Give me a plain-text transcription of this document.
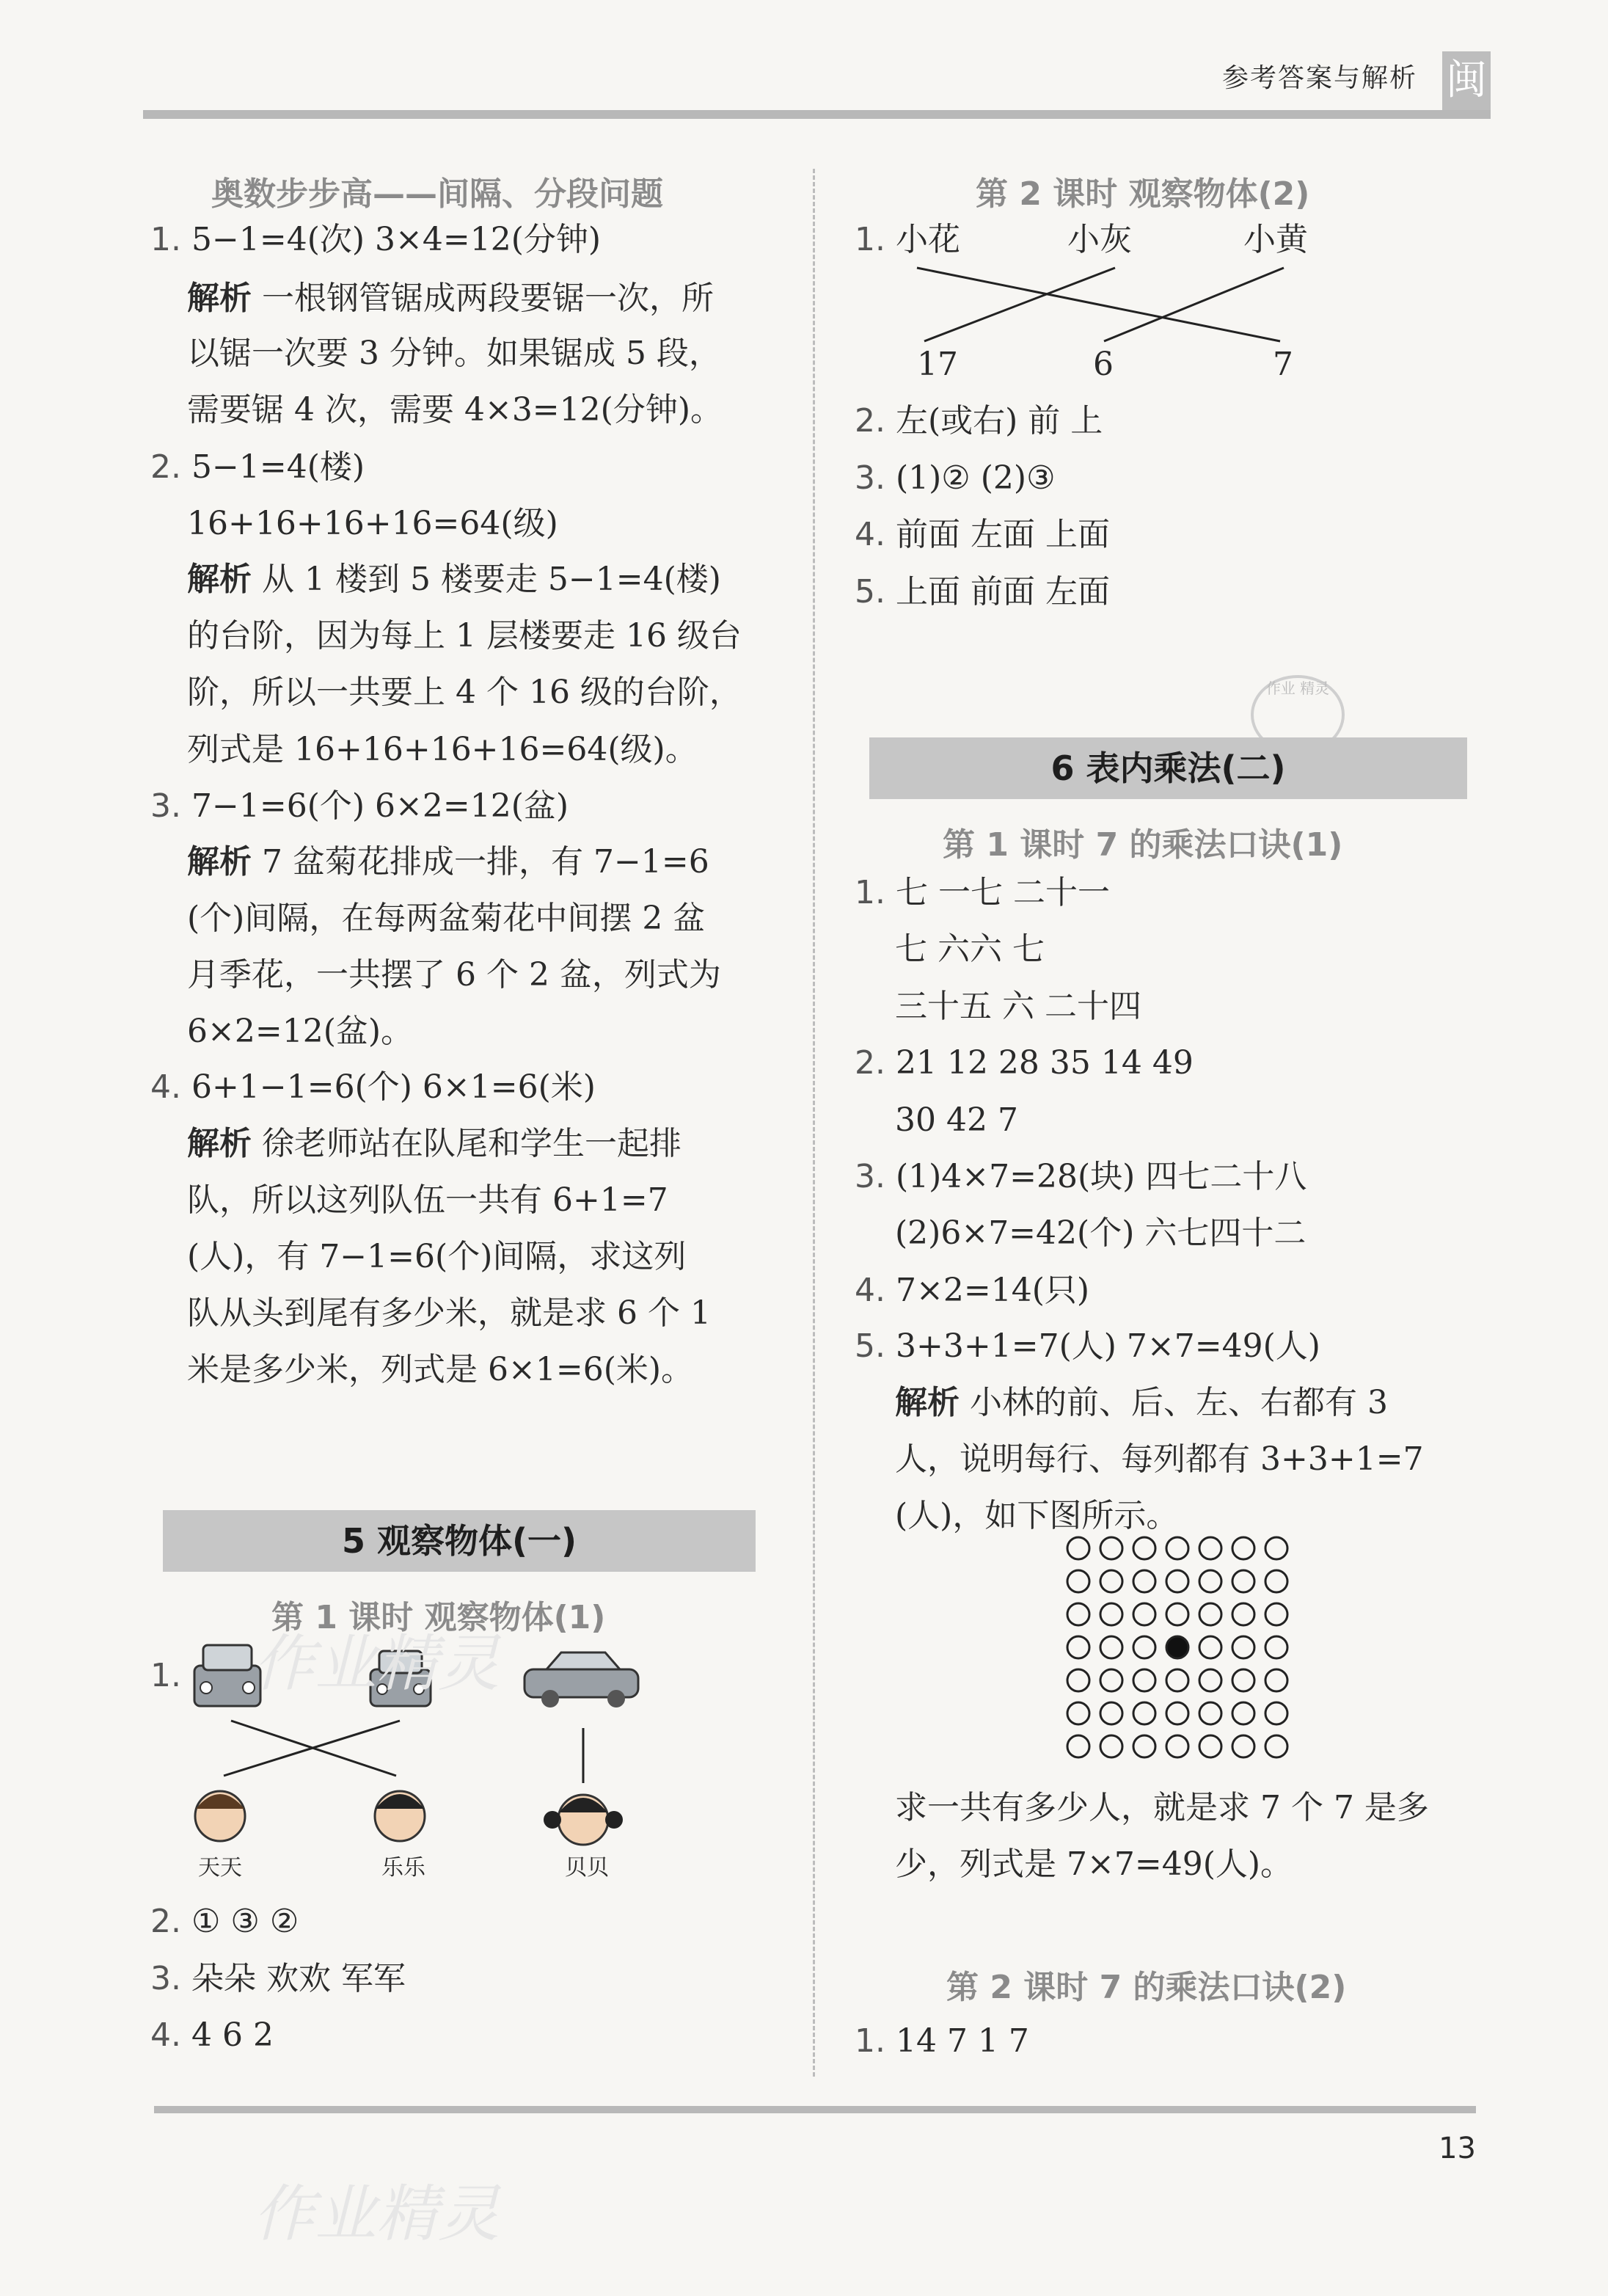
参考答案与解析 闽
奥数步步高——间隔、分段问题
1. 5−1=4(次) 3×4=12(分钟)
解析 一根钢管锯成两段要锯一次，所
以锯一次要 3 分钟。如果锯成 5 段，
需要锯 4 次，需要 4×3=12(分钟)。
2. 5−1=4(楼)
16+16+16+16=64(级)
解析 从 1 楼到 5 楼要走 5−1=4(楼)
的台阶，因为每上 1 层楼要走 16 级台
阶，所以一共要上 4 个 16 级的台阶，
列式是 16+16+16+16=64(级)。
3. 7−1=6(个) 6×2=12(盆)
解析 7 盆菊花排成一排，有 7−1=6
(个)间隔，在每两盆菊花中间摆 2 盆
月季花，一共摆了 6 个 2 盆，列式为
6×2=12(盆)。
4. 6+1−1=6(个) 6×1=6(米)
解析 徐老师站在队尾和学生一起排
队，所以这列队伍一共有 6+1=7
(人)，有 7−1=6(个)间隔，求这列
队从头到尾有多少米，就是求 6 个 1
米是多少米，列式是 6×1=6(米)。
5 观察物体(一)
第 1 课时 观察物体(1)
1.
天天	乐乐	贝贝
2. ① ③ ②
3. 朵朵 欢欢 军军
4. 4 6 2
第 2 课时 观察物体(2)
1. 小花	小灰	小黄
17	6	7
2. 左(或右) 前 上
3. (1)② (2)③
4. 前面 左面 上面
5. 上面 前面 左面
作业 精灵
6 表内乘法(二)
第 1 课时 7 的乘法口诀(1)
1. 七 一七 二十一
七 六六 七
三十五 六 二十四
2. 21 12 28 35 14 49
30 42 7
3. (1)4×7=28(块) 四七二十八
(2)6×7=42(个) 六七四十二
4. 7×2=14(只)
5. 3+3+1=7(人) 7×7=49(人)
解析 小林的前、后、左、右都有 3
人，说明每行、每列都有 3+3+1=7
(人)，如下图所示。
求一共有多少人，就是求 7 个 7 是多
少，列式是 7×7=49(人)。
第 2 课时 7 的乘法口诀(2)
1. 14 7 1 7
13
作业精灵
作业精灵
